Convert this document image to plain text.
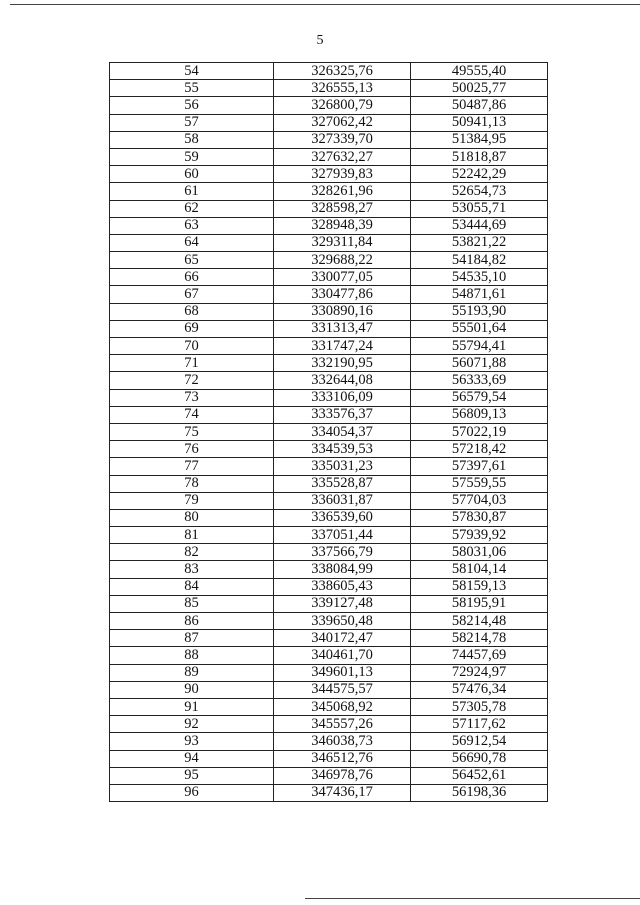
5
54	326325,76	49555,40
55	326555,13	50025,77
56	326800,79	50487,86
57	327062,42	50941,13
58	327339,70	51384,95
59	327632,27	51818,87
60	327939,83	52242,29
61	328261,96	52654,73
62	328598,27	53055,71
63	328948,39	53444,69
64	329311,84	53821,22
65	329688,22	54184,82
66	330077,05	54535,10
67	330477,86	54871,61
68	330890,16	55193,90
69	331313,47	55501,64
70	331747,24	55794,41
71	332190,95	56071,88
72	332644,08	56333,69
73	333106,09	56579,54
74	333576,37	56809,13
75	334054,37	57022,19
76	334539,53	57218,42
77	335031,23	57397,61
78	335528,87	57559,55
79	336031,87	57704,03
80	336539,60	57830,87
81	337051,44	57939,92
82	337566,79	58031,06
83	338084,99	58104,14
84	338605,43	58159,13
85	339127,48	58195,91
86	339650,48	58214,48
87	340172,47	58214,78
88	340461,70	74457,69
89	349601,13	72924,97
90	344575,57	57476,34
91	345068,92	57305,78
92	345557,26	57117,62
93	346038,73	56912,54
94	346512,76	56690,78
95	346978,76	56452,61
96	347436,17	56198,36
